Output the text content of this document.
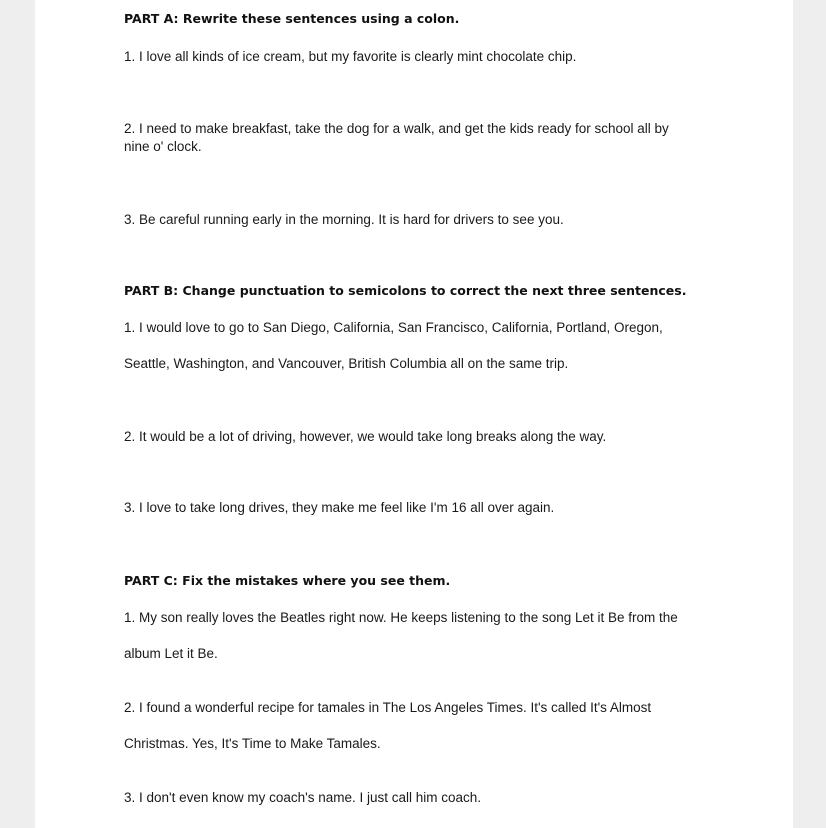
PART A: Rewrite these sentences using a colon.

1. I love all kinds of ice cream, but my favorite is clearly mint chocolate chip.

2. I need to make breakfast, take the dog for a walk, and get the kids ready for school all by

nine o' clock.

3. Be careful running early in the morning. It is hard for drivers to see you.

PART B: Change punctuation to semicolons to correct the next three sentences.

1. I would love to go to San Diego, California, San Francisco, California, Portland, Oregon,

Seattle, Washington, and Vancouver, British Columbia all on the same trip.

2. It would be a lot of driving, however, we would take long breaks along the way.

3. I love to take long drives, they make me feel like I'm 16 all over again.

PART C: Fix the mistakes where you see them.

1. My son really loves the Beatles right now. He keeps listening to the song Let it Be from the

album Let it Be.

2. I found a wonderful recipe for tamales in The Los Angeles Times. It's called It's Almost

Christmas. Yes, It's Time to Make Tamales.

3. I don't even know my coach's name. I just call him coach.
